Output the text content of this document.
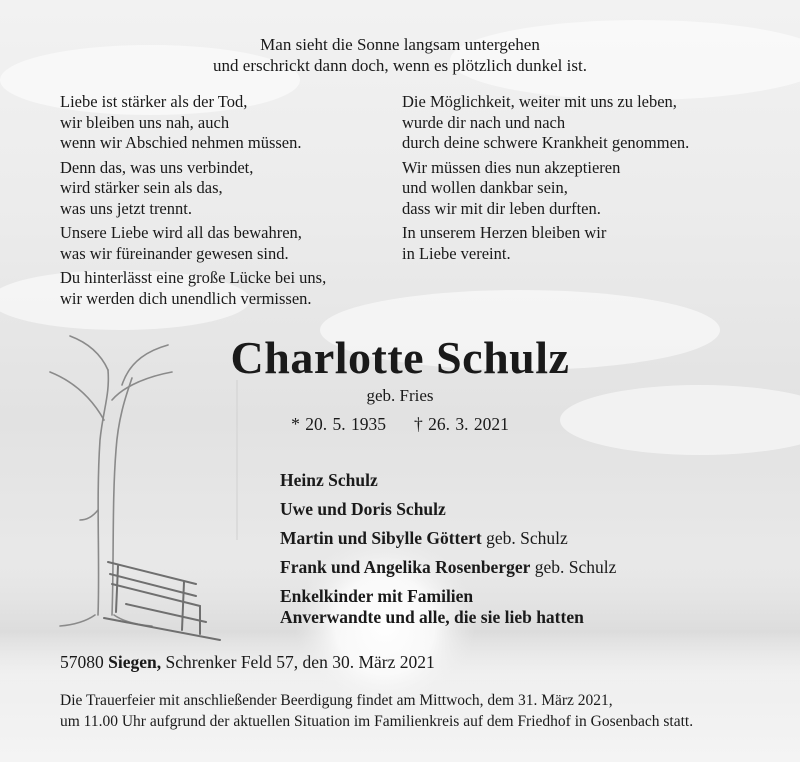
Man sieht die Sonne langsam untergehen
und erschrickt dann doch, wenn es plötzlich dunkel ist.
Liebe ist stärker als der Tod,
wir bleiben uns nah, auch
wenn wir Abschied nehmen müssen.
Denn das, was uns verbindet,
wird stärker sein als das,
was uns jetzt trennt.
Unsere Liebe wird all das bewahren,
was wir füreinander gewesen sind.
Du hinterlässt eine große Lücke bei uns,
wir werden dich unendlich vermissen.
Die Möglichkeit, weiter mit uns zu leben,
wurde dir nach und nach
durch deine schwere Krankheit genommen.
Wir müssen dies nun akzeptieren
und wollen dankbar sein,
dass wir mit dir leben durften.
In unserem Herzen bleiben wir
in Liebe vereint.
Charlotte Schulz
geb. Fries
* 20. 5. 1935 † 26. 3. 2021
Heinz Schulz
Uwe und Doris Schulz
Martin und Sibylle Göttert geb. Schulz
Frank und Angelika Rosenberger geb. Schulz
Enkelkinder mit Familien
Anverwandte und alle, die sie lieb hatten
57080 Siegen, Schrenker Feld 57, den 30. März 2021
Die Trauerfeier mit anschließender Beerdigung findet am Mittwoch, dem 31. März 2021,
um 11.00 Uhr aufgrund der aktuellen Situation im Familienkreis auf dem Friedhof in Gosenbach statt.
